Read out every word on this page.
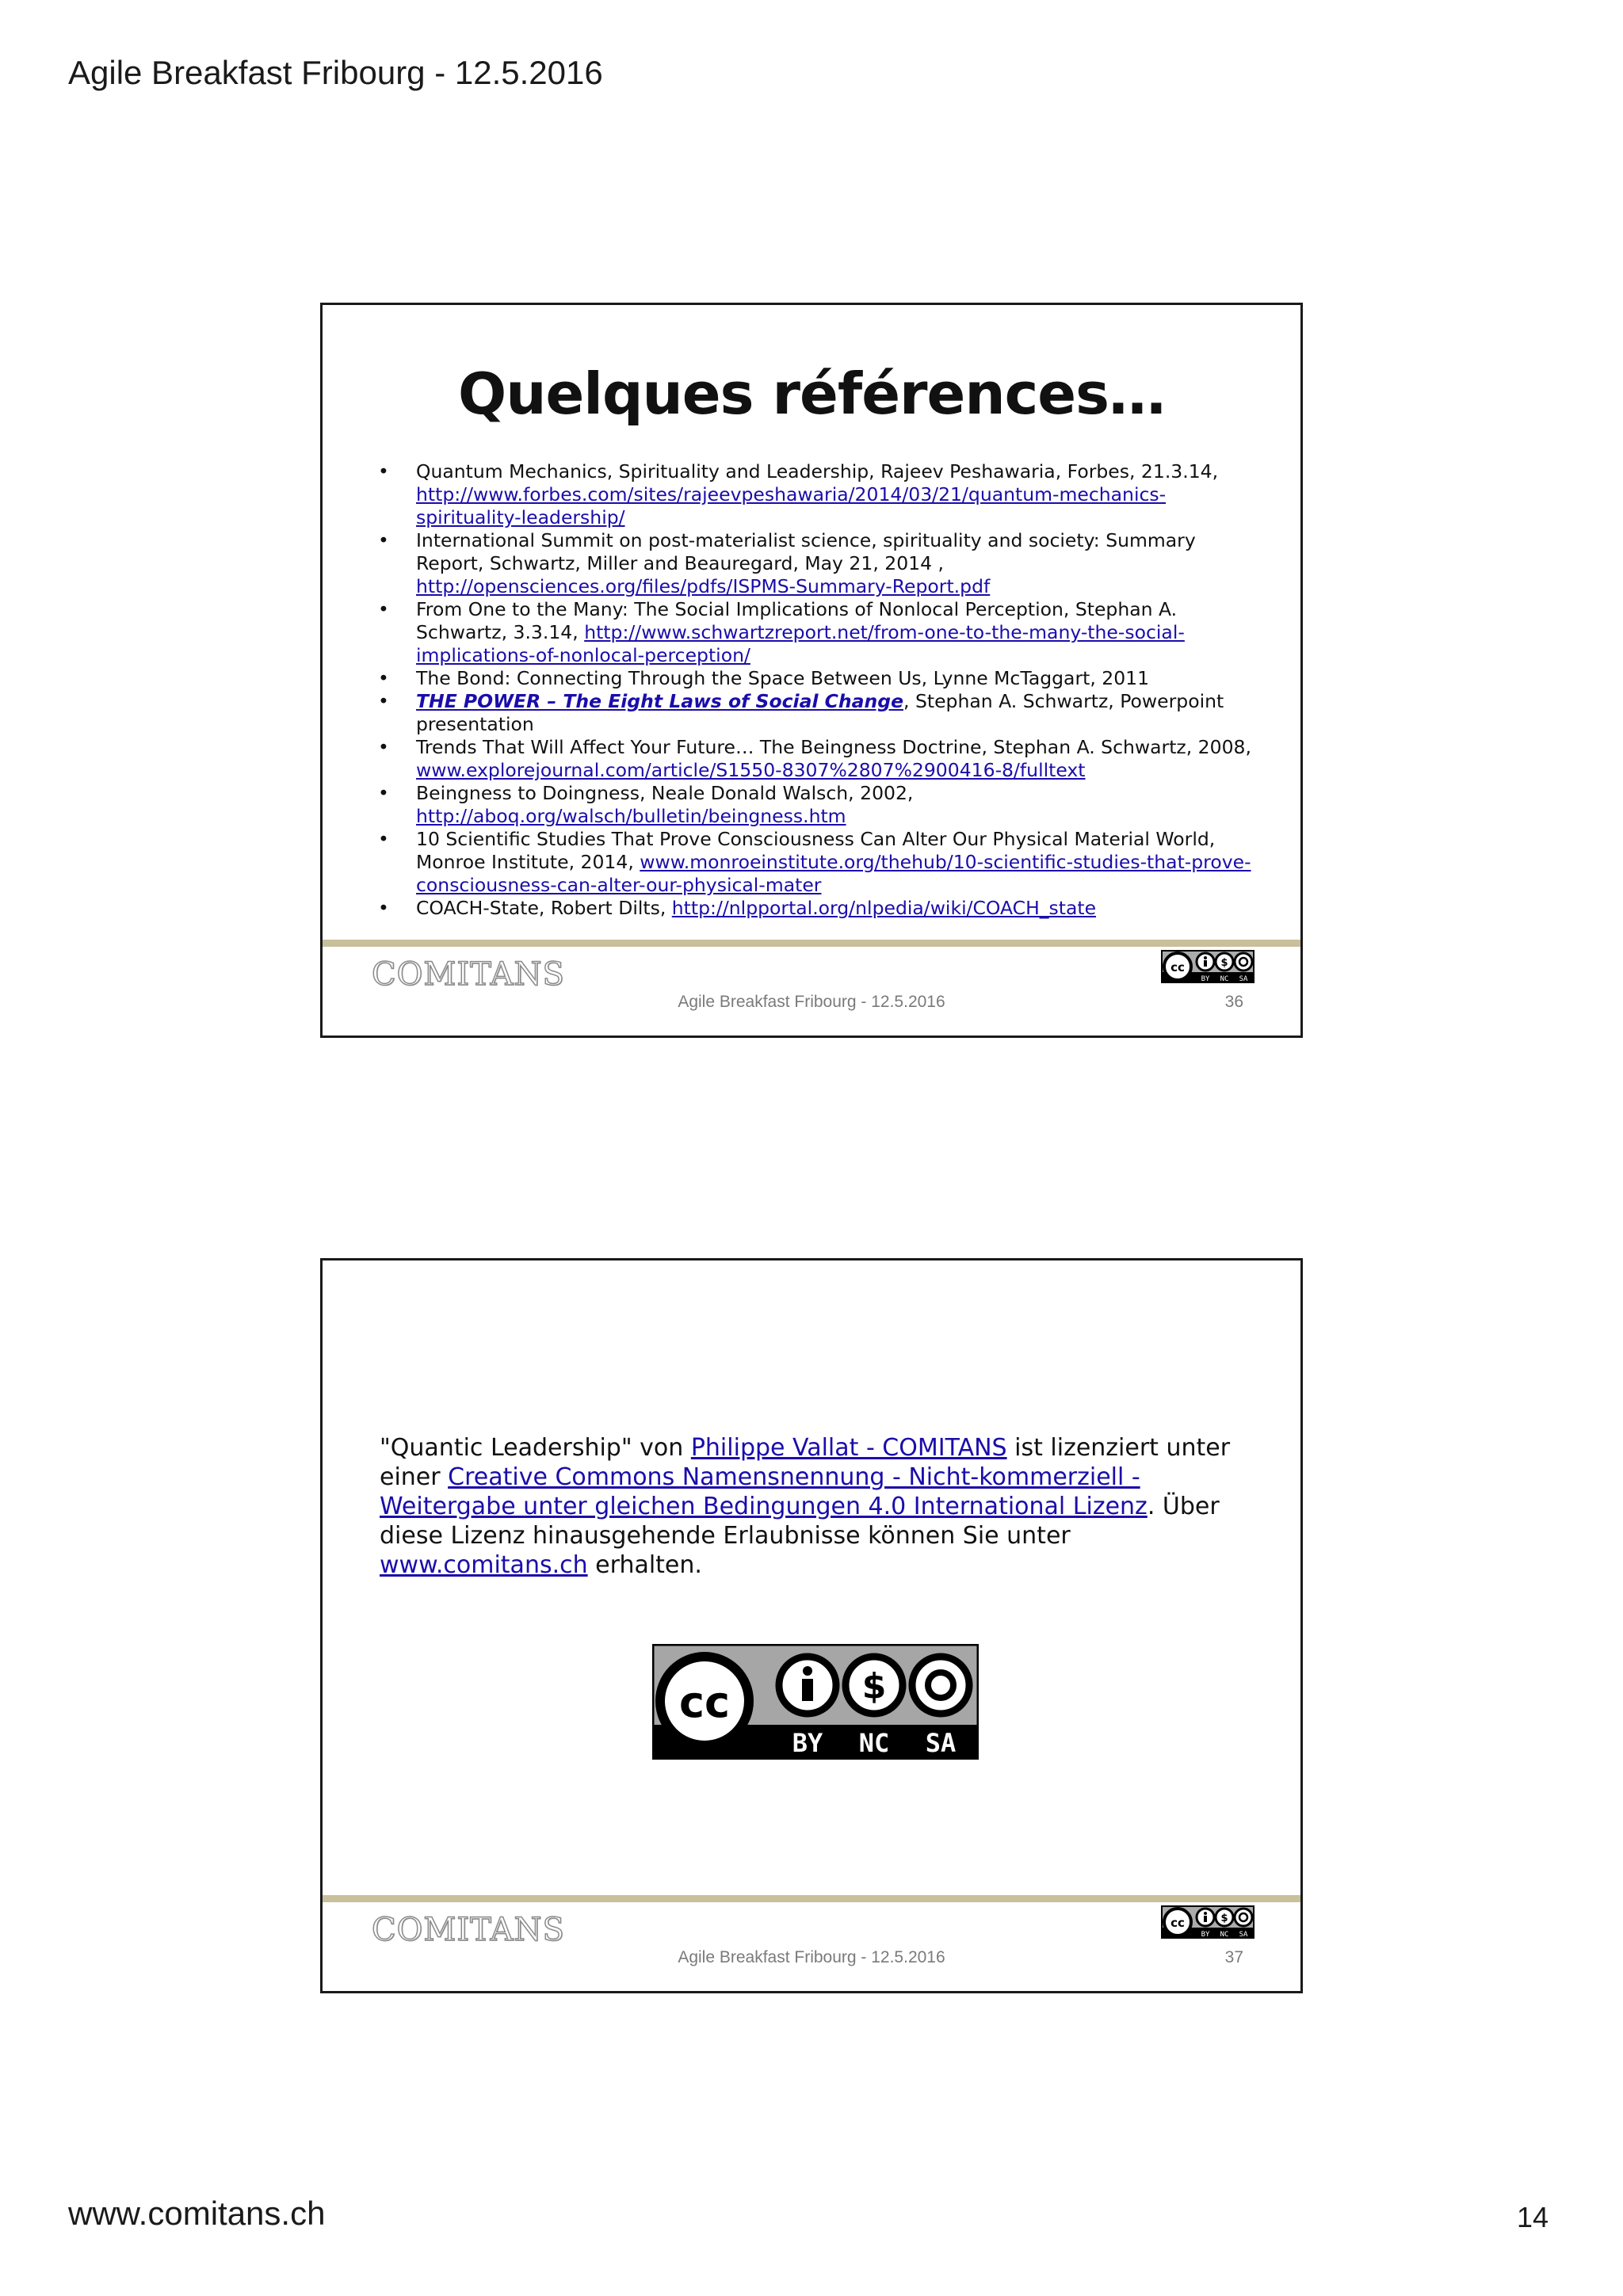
Agile Breakfast Fribourg - 12.5.2016
Quelques références…
• Quantum Mechanics, Spirituality and Leadership, Rajeev Peshawaria, Forbes, 21.3.14, http://www.forbes.com/sites/rajeevpeshawaria/2014/03/21/quantum-mechanics-spirituality-leadership/
• International Summit on post-materialist science, spirituality and society: Summary Report, Schwartz, Miller and Beauregard, May 21, 2014 , http://opensciences.org/files/pdfs/ISPMS-Summary-Report.pdf
• From One to the Many: The Social Implications of Nonlocal Perception, Stephan A. Schwartz, 3.3.14, http://www.schwartzreport.net/from-one-to-the-many-the-social-implications-of-nonlocal-perception/
• The Bond: Connecting Through the Space Between Us, Lynne McTaggart, 2011
• THE POWER – The Eight Laws of Social Change, Stephan A. Schwartz, Powerpoint presentation
• Trends That Will Affect Your Future… The Beingness Doctrine, Stephan A. Schwartz, 2008, www.explorejournal.com/article/S1550-8307%2807%2900416-8/fulltext
• Beingness to Doingness, Neale Donald Walsch, 2002, http://aboq.org/walsch/bulletin/beingness.htm
• 10 Scientific Studies That Prove Consciousness Can Alter Our Physical Material World, Monroe Institute, 2014, www.monroeinstitute.org/thehub/10-scientific-studies-that-prove-consciousness-can-alter-our-physical-mater
• COACH-State, Robert Dilts, http://nlpportal.org/nlpedia/wiki/COACH_state
COMITANS	cc	$
BY NC SA
Agile Breakfast Fribourg - 12.5.2016	36
"Quantic Leadership" von Philippe Vallat - COMITANS ist lizenziert unter einer Creative Commons Namensnennung - Nicht-kommerziell - Weitergabe unter gleichen Bedingungen 4.0 International Lizenz. Über diese Lizenz hinausgehende Erlaubnisse können Sie unter www.comitans.ch erhalten.
cc	$
BY NC SA
COMITANS	cc	$
BY NC SA
Agile Breakfast Fribourg - 12.5.2016	37
www.comitans.ch	14
